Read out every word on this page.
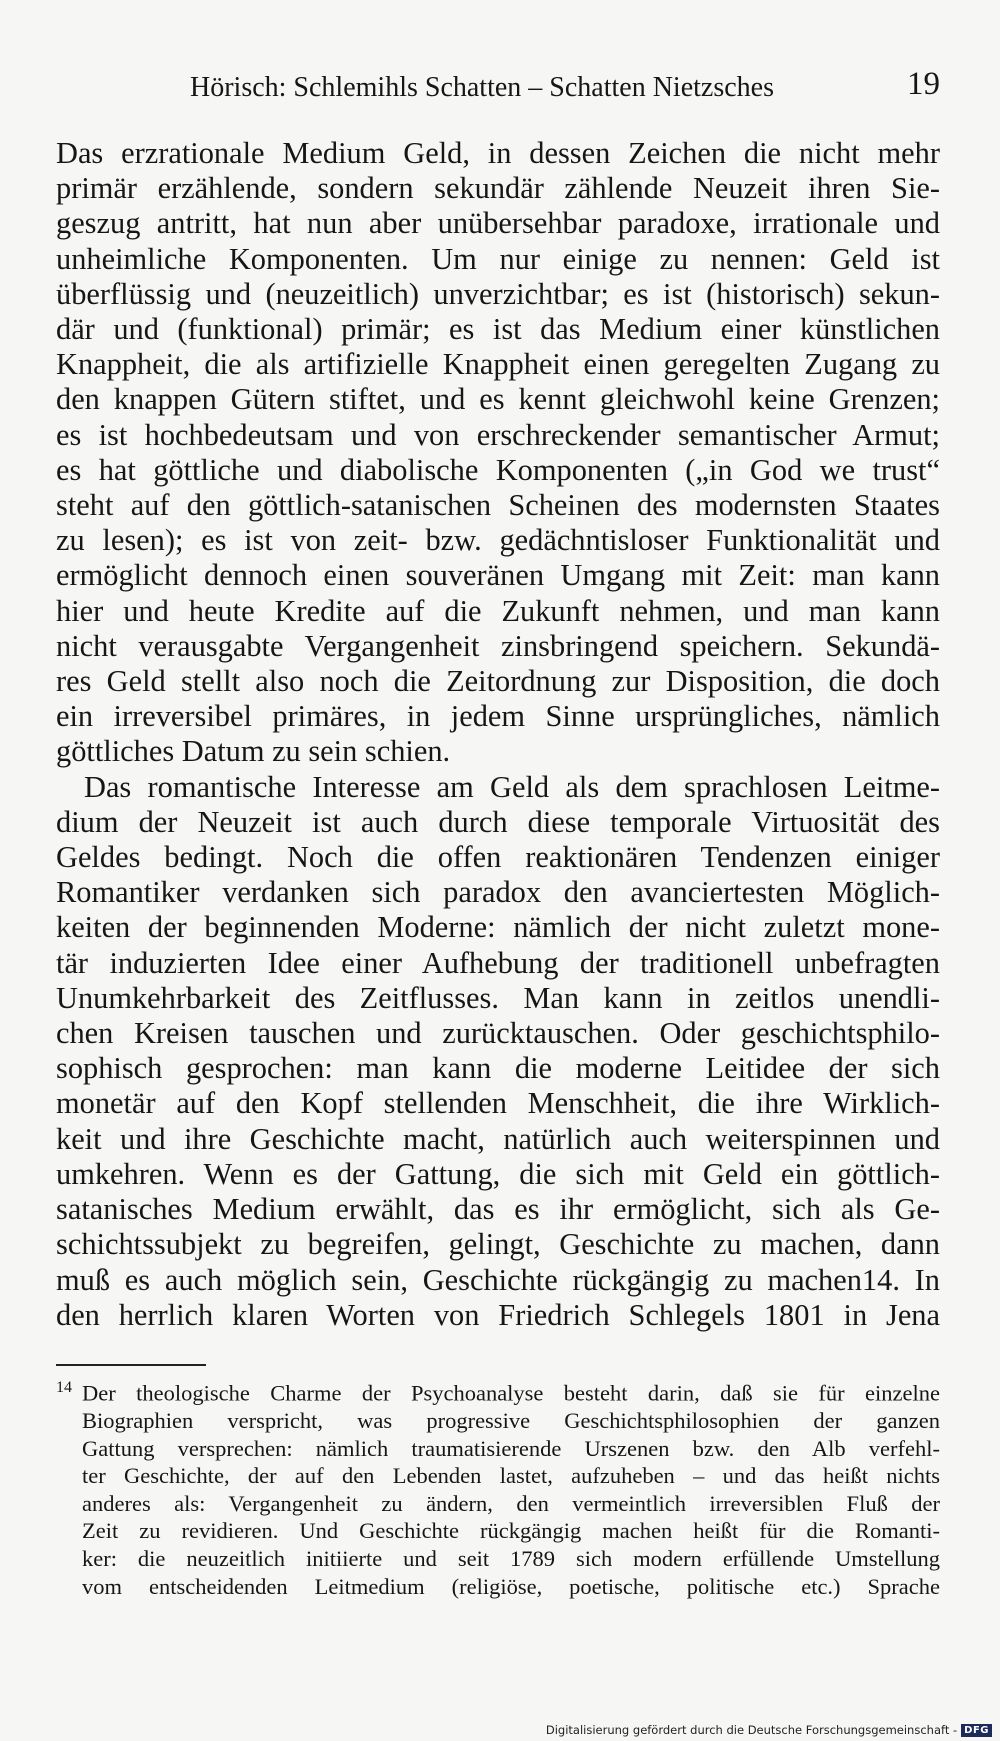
Hörisch: Schlemihls Schatten – Schatten Nietzsches	19
Das erzrationale Medium Geld, in dessen Zeichen die nicht mehr
primär erzählende, sondern sekundär zählende Neuzeit ihren Sie-
geszug antritt, hat nun aber unübersehbar paradoxe, irrationale und
unheimliche Komponenten. Um nur einige zu nennen: Geld ist
überflüssig und (neuzeitlich) unverzichtbar; es ist (historisch) sekun-
där und (funktional) primär; es ist das Medium einer künstlichen
Knappheit, die als artifizielle Knappheit einen geregelten Zugang zu
den knappen Gütern stiftet, und es kennt gleichwohl keine Grenzen;
es ist hochbedeutsam und von erschreckender semantischer Armut;
es hat göttliche und diabolische Komponenten („in God we trust“
steht auf den göttlich-satanischen Scheinen des modernsten Staates
zu lesen); es ist von zeit- bzw. gedächntisloser Funktionalität und
ermöglicht dennoch einen souveränen Umgang mit Zeit: man kann
hier und heute Kredite auf die Zukunft nehmen, und man kann
nicht verausgabte Vergangenheit zinsbringend speichern. Sekundä-
res Geld stellt also noch die Zeitordnung zur Disposition, die doch
ein irreversibel primäres, in jedem Sinne ursprüngliches, nämlich
göttliches Datum zu sein schien.
Das romantische Interesse am Geld als dem sprachlosen Leitme-
dium der Neuzeit ist auch durch diese temporale Virtuosität des
Geldes bedingt. Noch die offen reaktionären Tendenzen einiger
Romantiker verdanken sich paradox den avanciertesten Möglich-
keiten der beginnenden Moderne: nämlich der nicht zuletzt mone-
tär induzierten Idee einer Aufhebung der traditionell unbefragten
Unumkehrbarkeit des Zeitflusses. Man kann in zeitlos unendli-
chen Kreisen tauschen und zurücktauschen. Oder geschichtsphilo-
sophisch gesprochen: man kann die moderne Leitidee der sich
monetär auf den Kopf stellenden Menschheit, die ihre Wirklich-
keit und ihre Geschichte macht, natürlich auch weiterspinnen und
umkehren. Wenn es der Gattung, die sich mit Geld ein göttlich-
satanisches Medium erwählt, das es ihr ermöglicht, sich als Ge-
schichtssubjekt zu begreifen, gelingt, Geschichte zu machen, dann
muß es auch möglich sein, Geschichte rückgängig zu machen14. In
den herrlich klaren Worten von Friedrich Schlegels 1801 in Jena
$^{14}$ Der theologische Charme der Psychoanalyse besteht darin, daß sie für einzelne
Biographien verspricht, was progressive Geschichtsphilosophien der ganzen
Gattung versprechen: nämlich traumatisierende Urszenen bzw. den Alb verfehl-
ter Geschichte, der auf den Lebenden lastet, aufzuheben – und das heißt nichts
anderes als: Vergangenheit zu ändern, den vermeintlich irreversiblen Fluß der
Zeit zu revidieren. Und Geschichte rückgängig machen heißt für die Romanti-
ker: die neuzeitlich initiierte und seit 1789 sich modern erfüllende Umstellung
vom entscheidenden Leitmedium (religiöse, poetische, politische etc.) Sprache
Digitalisierung gefördert durch die Deutsche Forschungsgemeinschaft - DFG
